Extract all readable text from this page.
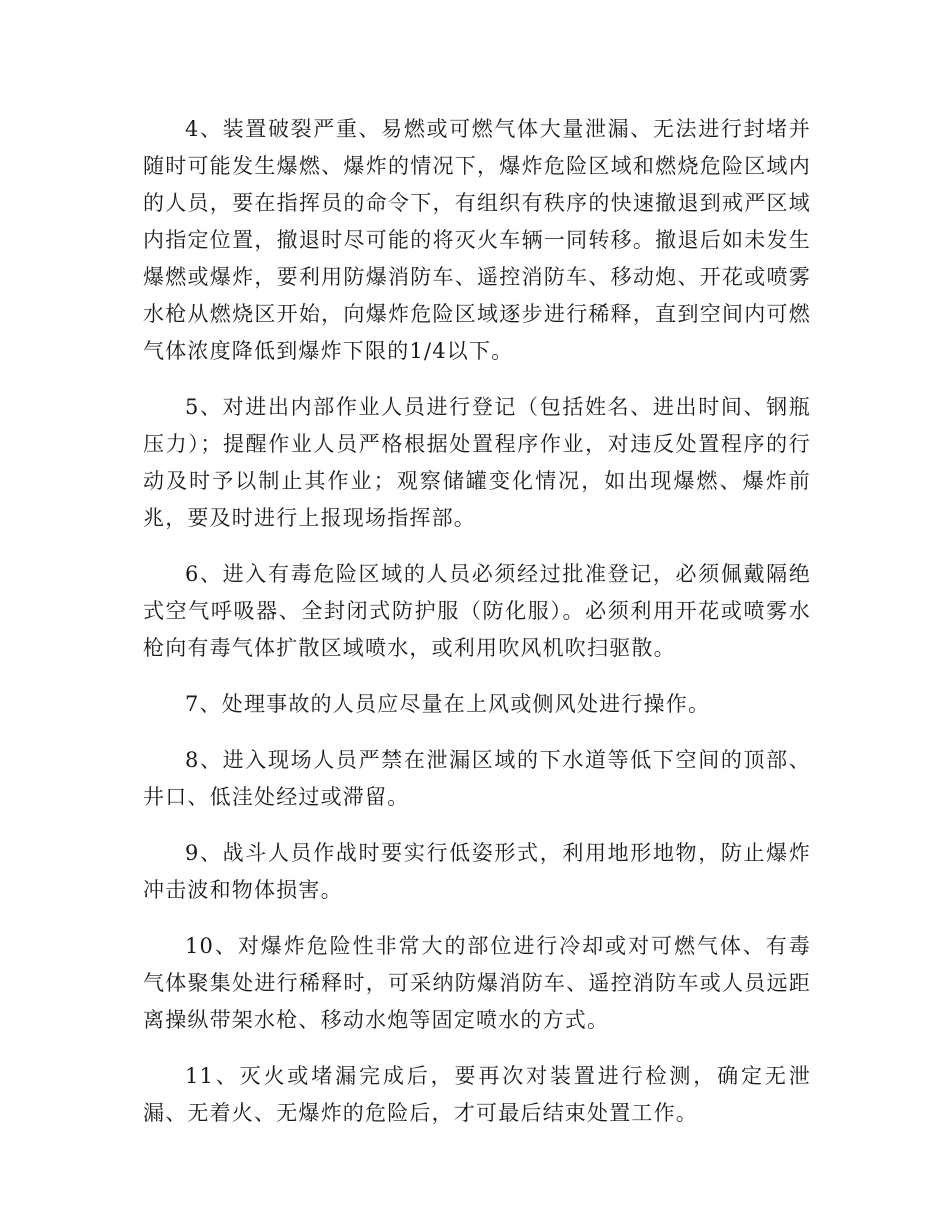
4、装置破裂严重、易燃或可燃气体大量泄漏、无法进行封堵并随时可能发生爆燃、爆炸的情况下，爆炸危险区域和燃烧危险区域内的人员，要在指挥员的命令下，有组织有秩序的快速撤退到戒严区域内指定位置，撤退时尽可能的将灭火车辆一同转移。撤退后如未发生爆燃或爆炸，要利用防爆消防车、遥控消防车、移动炮、开花或喷雾水枪从燃烧区开始，向爆炸危险区域逐步进行稀释，直到空间内可燃气体浓度降低到爆炸下限的1/4以下。

5、对进出内部作业人员进行登记（包括姓名、进出时间、钢瓶压力）；提醒作业人员严格根据处置程序作业，对违反处置程序的行动及时予以制止其作业；观察储罐变化情况，如出现爆燃、爆炸前兆，要及时进行上报现场指挥部。

6、进入有毒危险区域的人员必须经过批准登记，必须佩戴隔绝式空气呼吸器、全封闭式防护服（防化服）。必须利用开花或喷雾水枪向有毒气体扩散区域喷水，或利用吹风机吹扫驱散。

7、处理事故的人员应尽量在上风或侧风处进行操作。

8、进入现场人员严禁在泄漏区域的下水道等低下空间的顶部、井口、低洼处经过或滞留。

9、战斗人员作战时要实行低姿形式，利用地形地物，防止爆炸冲击波和物体损害。

10、对爆炸危险性非常大的部位进行冷却或对可燃气体、有毒气体聚集处进行稀释时，可采纳防爆消防车、遥控消防车或人员远距离操纵带架水枪、移动水炮等固定喷水的方式。

11、灭火或堵漏完成后，要再次对装置进行检测，确定无泄漏、无着火、无爆炸的危险后，才可最后结束处置工作。
